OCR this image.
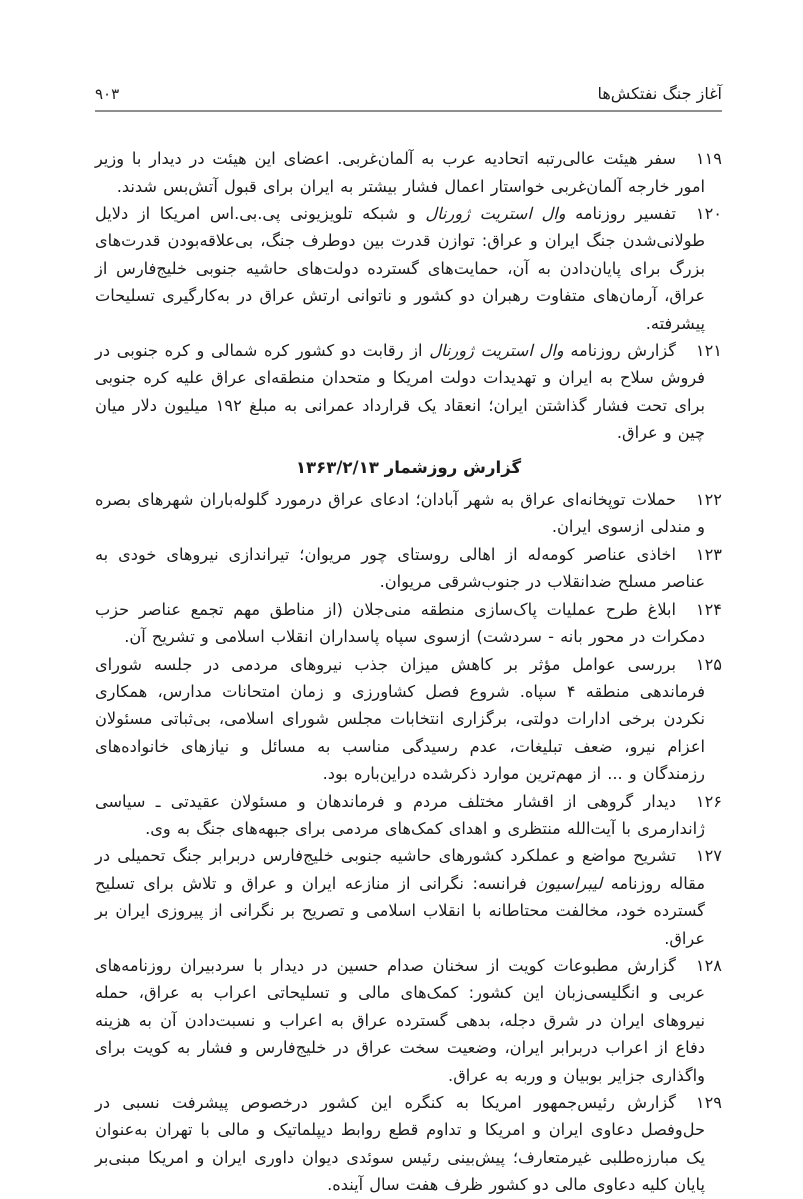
آغاز جنگ نفتکش‌ها
۹۰۳
۱۱۹سفر هیئت عالی‌رتبه اتحادیه عرب به آلمان‌غربی. اعضای این هیئت در دیدار با وزیر امور خارجه آلمان‌غربی خواستار اعمال فشار بیشتر به ایران برای قبول آتش‌بس شدند.
۱۲۰تفسیر روزنامه وال استریت ژورنال و شبکه تلویزیونی پی.بی.اس امریکا از دلایل طولانی‌شدن جنگ ایران و عراق: توازن قدرت بین دوطرف جنگ، بی‌علاقه‌بودن قدرت‌های بزرگ برای پایان‌دادن به آن، حمایت‌های گسترده دولت‌های حاشیه جنوبی خلیج‌فارس از عراق، آرمان‌های متفاوت رهبران دو کشور و ناتوانی ارتش عراق در به‌کارگیری تسلیحات پیشرفته.
۱۲۱گزارش روزنامه وال استریت ژورنال از رقابت دو کشور کره شمالی و کره جنوبی در فروش سلاح به ایران و تهدیدات دولت امریکا و متحدان منطقه‌ای عراق علیه کره جنوبی برای تحت فشار گذاشتن ایران؛ انعقاد یک قرارداد عمرانی به مبلغ ۱۹۲ میلیون دلار میان چین و عراق.
گزارش روزشمار ۱۳۶۳/۲/۱۳
۱۲۲حملات توپخانه‌ای عراق به شهر آبادان؛ ادعای عراق درمورد گلوله‌باران شهرهای بصره و مندلی ازسوی ایران.
۱۲۳اخاذی عناصر کومه‌له از اهالی روستای چور مریوان؛ تیراندازی نیروهای خودی به عناصر مسلح ضدانقلاب در جنوب‌شرقی مریوان.
۱۲۴ابلاغ طرح عملیات پاک‌سازی منطقه منی‌جلان (از مناطق مهم تجمع عناصر حزب دمکرات در محور بانه - سردشت) ازسوی سپاه پاسداران انقلاب اسلامی و تشریح آن.
۱۲۵بررسی عوامل مؤثر بر کاهش میزان جذب نیروهای مردمی در جلسه شورای فرماندهی منطقه ۴ سپاه. شروع فصل کشاورزی و زمان امتحانات مدارس، همکاری نکردن برخی ادارات دولتی، برگزاری انتخابات مجلس شورای اسلامی، بی‌ثباتی مسئولان اعزام نیرو، ضعف تبلیغات، عدم رسیدگی مناسب به مسائل و نیازهای خانواده‌های رزمندگان و ... از مهم‌ترین موارد ذکرشده دراین‌باره بود.
۱۲۶دیدار گروهی از اقشار مختلف مردم و فرماندهان و مسئولان عقیدتی ـ سیاسی ژاندارمری با آیت‌الله منتظری و اهدای کمک‌های مردمی برای جبهه‌های جنگ به وی.
۱۲۷تشریح مواضع و عملکرد کشورهای حاشیه جنوبی خلیج‌فارس دربرابر جنگ تحمیلی در مقاله روزنامه لیبراسیون فرانسه: نگرانی از منازعه ایران و عراق و تلاش برای تسلیح گسترده خود، مخالفت محتاطانه با انقلاب اسلامی و تصریح بر نگرانی از پیروزی ایران بر عراق.
۱۲۸گزارش مطبوعات کویت از سخنان صدام حسین در دیدار با سردبیران روزنامه‌های عربی و انگلیسی‌زبان این کشور: کمک‌های مالی و تسلیحاتی اعراب به عراق، حمله نیروهای ایران در شرق دجله، بدهی گسترده عراق به اعراب و نسبت‌دادن آن به هزینه دفاع از اعراب دربرابر ایران، وضعیت سخت عراق در خلیج‌فارس و فشار به کویت برای واگذاری جزایر بوبیان و وربه به عراق.
۱۲۹گزارش رئیس‌جمهور امریکا به کنگره این کشور درخصوص پیشرفت نسبی در حل‌وفصل دعاوی ایران و امریکا و تداوم قطع روابط دیپلماتیک و مالی با تهران به‌عنوان یک مبارزه‌طلبی غیرمتعارف؛ پیش‌بینی رئیس سوئدی دیوان داوری ایران و امریکا مبنی‌بر پایان کلیه دعاوی مالی دو کشور ظرف هفت سال آینده.
